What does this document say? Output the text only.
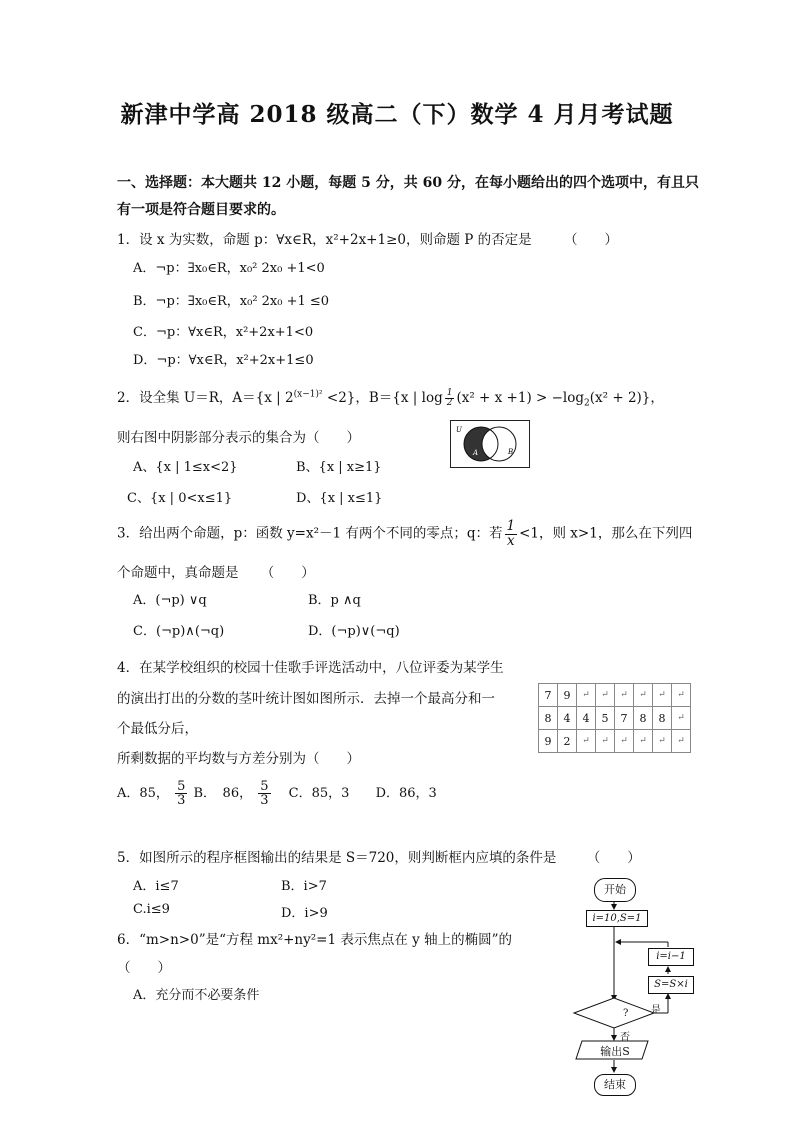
新津中学高 2018 级高二（下）数学 4 月月考试题
一、选择题：本大题共 12 小题，每题 5 分，共 60 分，在每小题给出的四个选项中，有且只
有一项是符合题目要求的。
1．设 x 为实数，命题 p：∀x∈R，x²+2x+1≥0，则命题 P 的否定是 （　　）
A．¬p：∃x₀∈R，x₀² 2x₀ +1<0
B．¬p：∃x₀∈R，x₀² 2x₀ +1 ≤0
C．¬p：∀x∈R，x²+2x+1<0
D．¬p：∀x∈R，x²+2x+1≤0
2．设全集 U＝R，A＝{x | $2^{(x-1)^2} <2$}，B＝{x | $\log \frac{1}{2} (x^2 + x +1) > -\log_2(x^2 + 2)$}，
则右图中阴影部分表示的集合为（　　）
A、{x | 1≤x<2}	B、{x | x≥1}
C、{x | 0<x≤1}	D、{x | x≤1}
U
A	B
3．给出两个命题，p：函数 y=x²－1 有两个不同的零点；q：若 $\frac{1}{x} <1$，则 x>1，那么在下列四
个命题中，真命题是 （　　）
A．(¬p) ∨q	B．p ∧q
C．(¬p)∧(¬q)	D．(¬p)∨(¬q)
4．在某学校组织的校园十佳歌手评选活动中，八位评委为某学生
的演出打出的分数的茎叶统计图如图所示．去掉一个最高分和一
个最低分后，
所剩数据的平均数与方差分别为（　　）
A．85， $\frac{5}{3}$ B．　86， $\frac{5}{3}$ C．85，3 D．86，3
7	9	↵	↵	↵	↵	↵	↵
8	4	4	5	7	8	8	↵
9	2	↵	↵	↵	↵	↵	↵
5．如图所示的程序框图输出的结果是 S＝720，则判断框内应填的条件是 （　　）
A．i≤7	B．i>7
C.i≤9	D．i>9
6．“m>n>0”是“方程 mx²+ny²=1 表示焦点在 y 轴上的椭圆”的
（　　）
A．充分而不必要条件
开始
i=10,S=1
i=i−1
S=S×i
? 是
否
输出S
结束
